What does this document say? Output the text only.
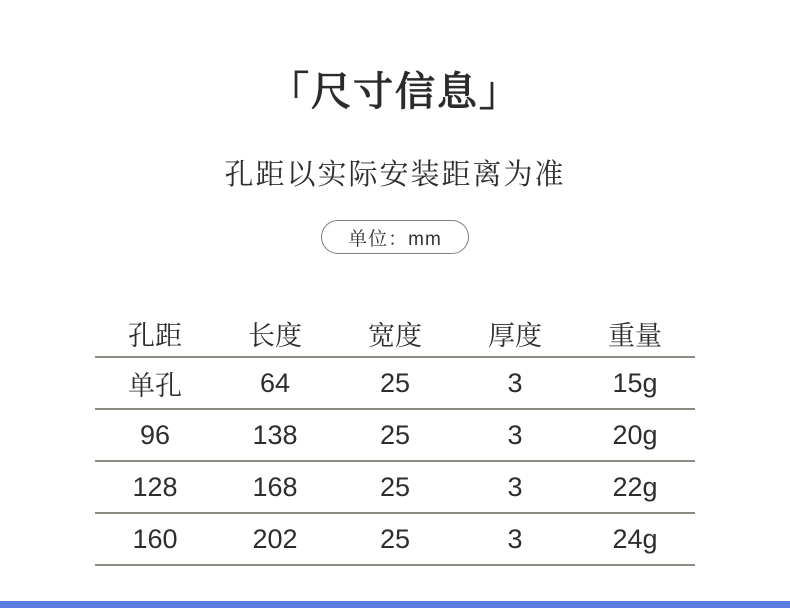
「尺寸信息」
孔距以实际安装距离为准
单位：mm
孔距	长度	宽度	厚度	重量
单孔	64	25	3	15g
96	138	25	3	20g
128	168	25	3	22g
160	202	25	3	24g
